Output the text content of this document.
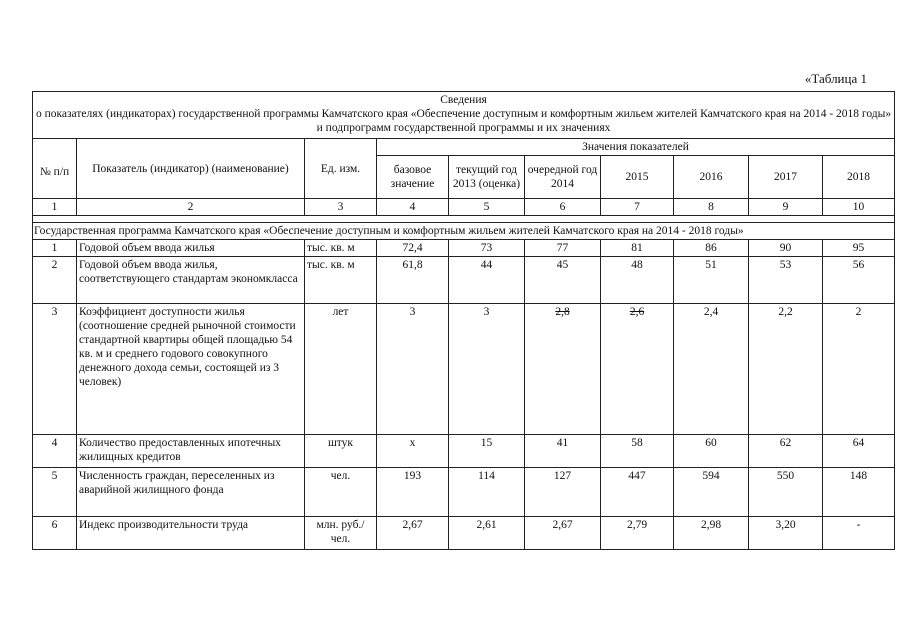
«Таблица 1
Сведения
о показателях (индикаторах) государственной программы Камчатского края «Обеспечение доступным и комфортным жильем жителей Камчатского края на 2014 - 2018 годы» и подпрограмм государственной программы и их значениях									

№ п/п	Показатель (индикатор) (наименование)	Ед. изм.	Значения показателей						
			базовое значение	текущий год 2013 (оценка)	очередной год 2014	2015	2016	2017	2018
1	2	3	4	5	6	7	8	9	10

Государственная программа Камчатского края «Обеспечение доступным и комфортным жильем жителей Камчатского края на 2014 - 2018 годы»									
1	Годовой объем ввода жилья	тыс. кв. м	72,4	73	77	81	86	90	95
2	Годовой объем ввода жилья, соответствующего стандартам экономкласса	тыс. кв. м	61,8	44	45	48	51	53	56
3	Коэффициент доступности жилья (соотношение средней рыночной стоимости стандартной квартиры общей площадью 54 кв. м и среднего годового совокупного денежного дохода семьи, состоящей из 3 человек)	лет	3	3	2,8	2,6	2,4	2,2	2
4	Количество предоставленных ипотечных жилищных кредитов	штук	х	15	41	58	60	62	64
5	Численность граждан, переселенных из аварийной жилищного фонда	чел.	193	114	127	447	594	550	148
6	Индекс производительности труда	млн. руб./чел.	2,67	2,61	2,67	2,79	2,98	3,20	-
